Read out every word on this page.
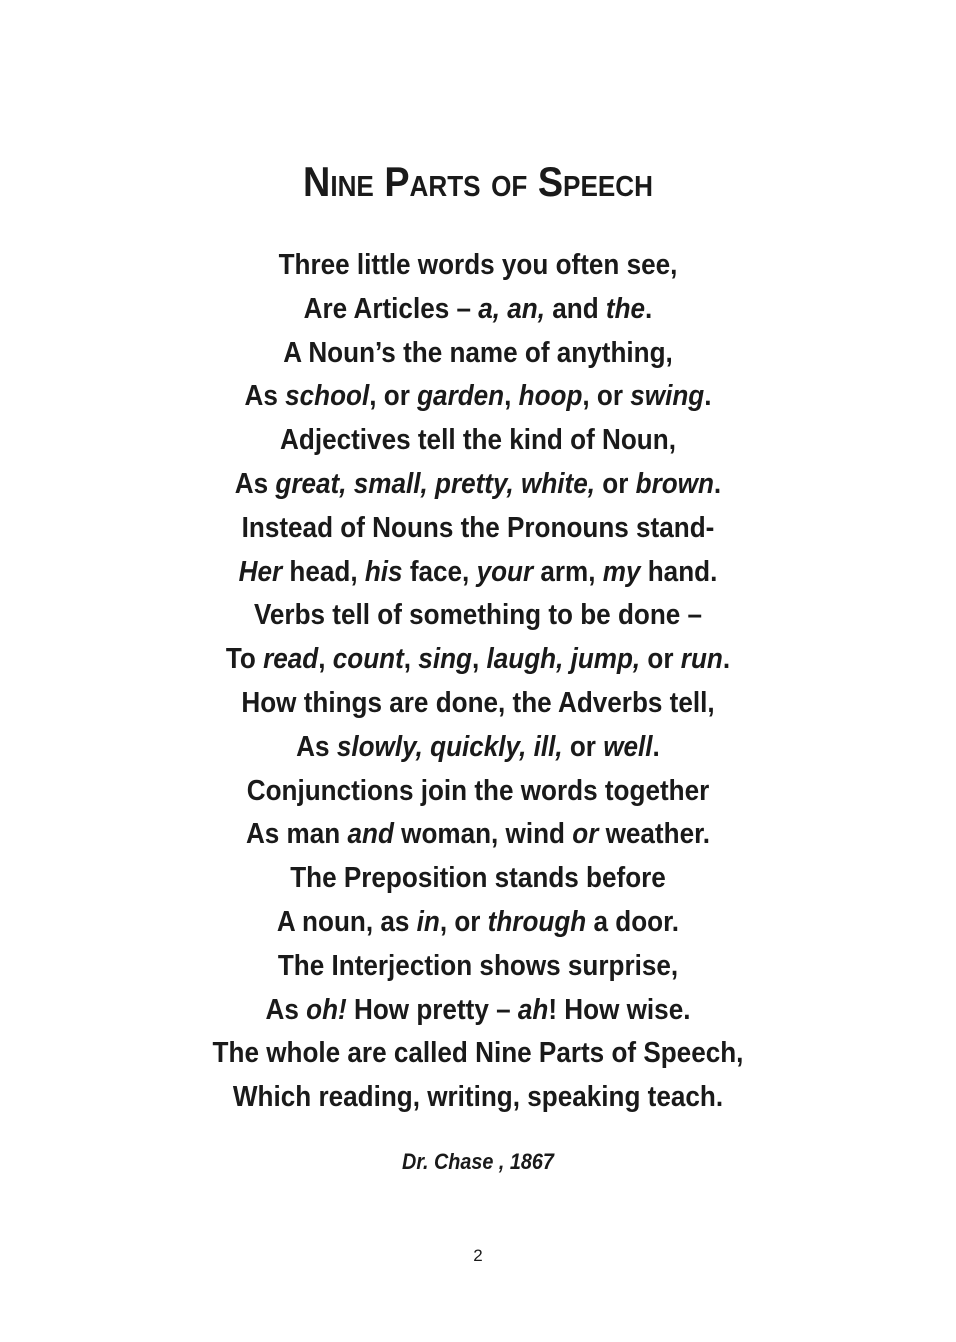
Nine Parts of Speech
Three little words you often see,
Are Articles – a, an, and the.
A Noun’s the name of anything,
As school, or garden, hoop, or swing.
Adjectives tell the kind of Noun,
As great, small, pretty, white, or brown.
Instead of Nouns the Pronouns stand-
Her head, his face, your arm, my hand.
Verbs tell of something to be done –
To read, count, sing, laugh, jump, or run.
How things are done, the Adverbs tell,
As slowly, quickly, ill, or well.
Conjunctions join the words together
As man and woman, wind or weather.
The Preposition stands before
A noun, as in, or through a door.
The Interjection shows surprise,
As oh! How pretty – ah! How wise.
The whole are called Nine Parts of Speech,
Which reading, writing, speaking teach.
Dr. Chase , 1867
2
